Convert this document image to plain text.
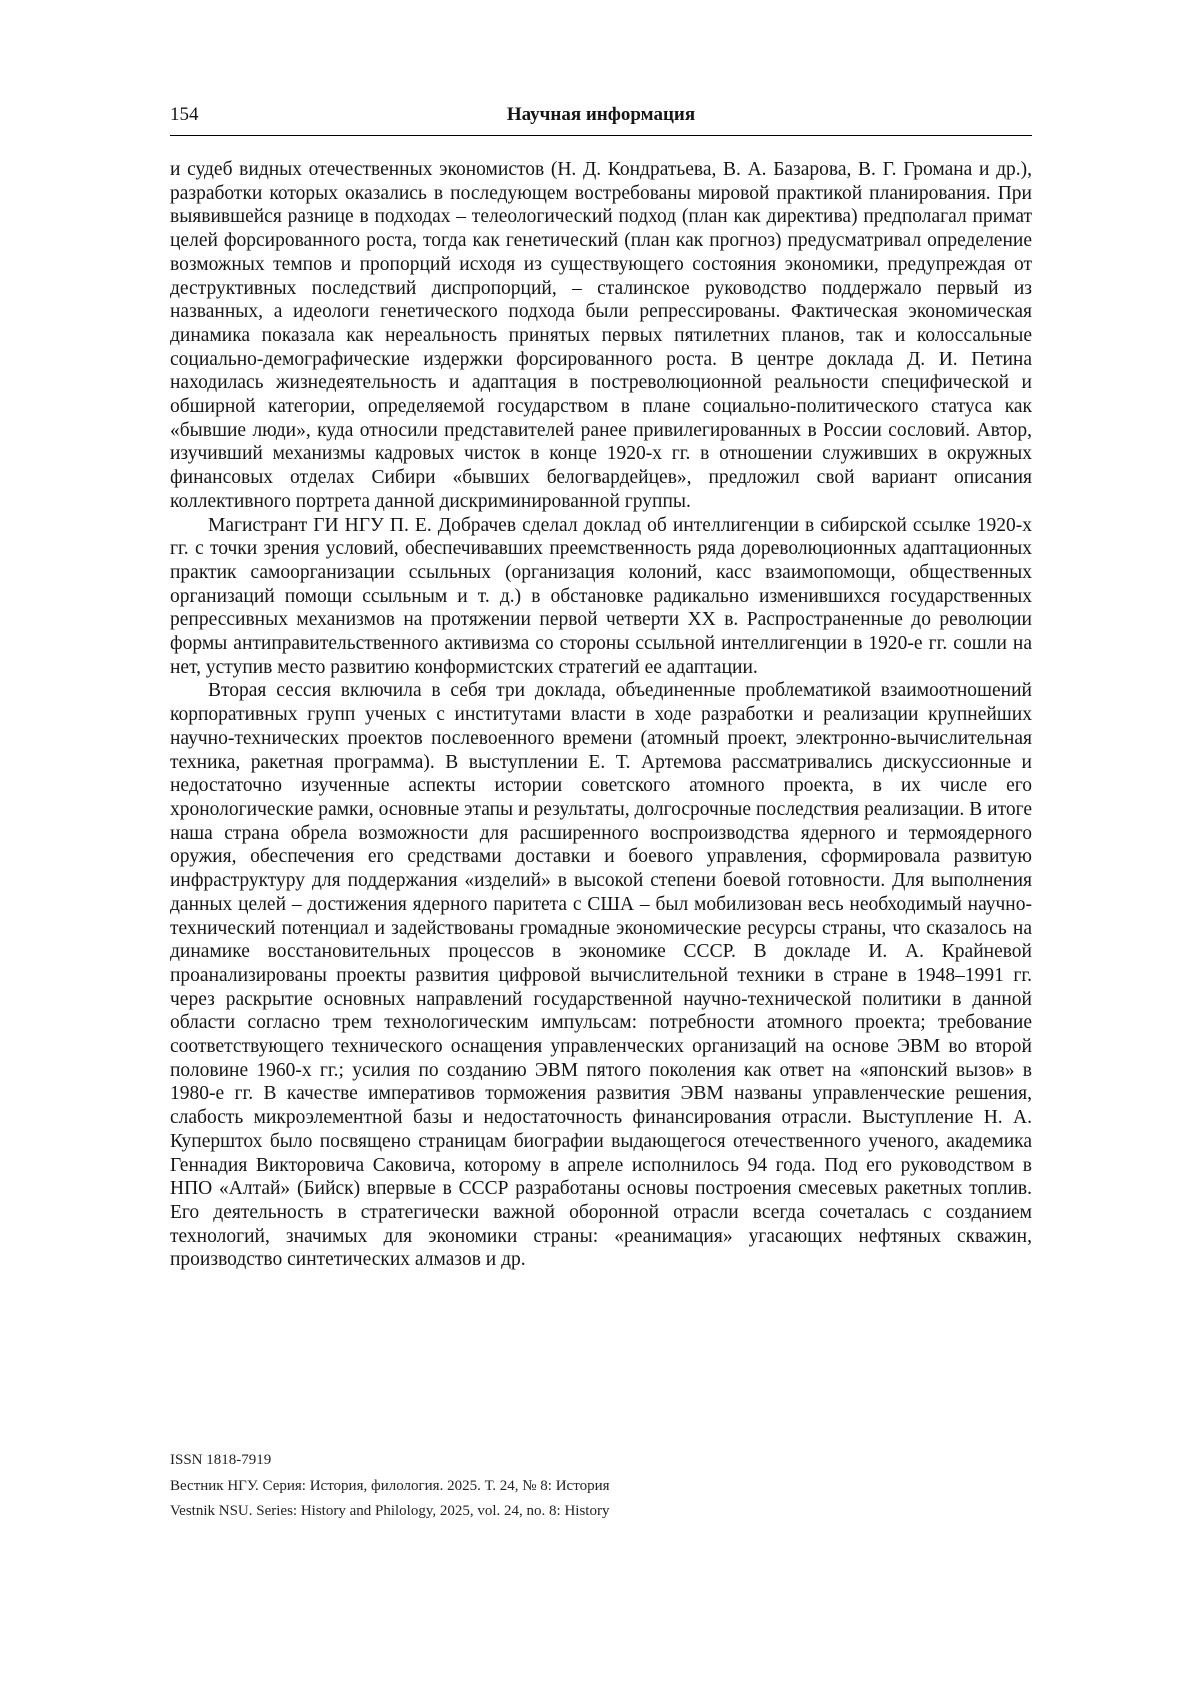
154	Научная информация

и судеб видных отечественных экономистов (Н. Д. Кондратьева, В. А. Базарова, В. Г. Громана и др.), разработки которых оказались в последующем востребованы мировой практикой планирования. При выявившейся разнице в подходах – телеологический подход (план как директива) предполагал примат целей форсированного роста, тогда как генетический (план как прогноз) предусматривал определение возможных темпов и пропорций исходя из существующего состояния экономики, предупреждая от деструктивных последствий диспропорций, – сталинское руководство поддержало первый из названных, а идеологи генетического подхода были репрессированы. Фактическая экономическая динамика показала как нереальность принятых первых пятилетних планов, так и колоссальные социально-демографические издержки форсированного роста. В центре доклада Д. И. Петина находилась жизнедеятельность и адаптация в постреволюционной реальности специфической и обширной категории, определяемой государством в плане социально-политического статуса как «бывшие люди», куда относили представителей ранее привилегированных в России сословий. Автор, изучивший механизмы кадровых чисток в конце 1920-х гг. в отношении служивших в окружных финансовых отделах Сибири «бывших белогвардейцев», предложил свой вариант описания коллективного портрета данной дискриминированной группы.

Магистрант ГИ НГУ П. Е. Добрачев сделал доклад об интеллигенции в сибирской ссылке 1920-х гг. с точки зрения условий, обеспечивавших преемственность ряда дореволюционных адаптационных практик самоорганизации ссыльных (организация колоний, касс взаимопомощи, общественных организаций помощи ссыльным и т. д.) в обстановке радикально изменившихся государственных репрессивных механизмов на протяжении первой четверти XX в. Распространенные до революции формы антиправительственного активизма со стороны ссыльной интеллигенции в 1920-е гг. сошли на нет, уступив место развитию конформистских стратегий ее адаптации.

Вторая сессия включила в себя три доклада, объединенные проблематикой взаимоотношений корпоративных групп ученых с институтами власти в ходе разработки и реализации крупнейших научно-технических проектов послевоенного времени (атомный проект, электронно-вычислительная техника, ракетная программа). В выступлении Е. Т. Артемова рассматривались дискуссионные и недостаточно изученные аспекты истории советского атомного проекта, в их числе его хронологические рамки, основные этапы и результаты, долгосрочные последствия реализации. В итоге наша страна обрела возможности для расширенного воспроизводства ядерного и термоядерного оружия, обеспечения его средствами доставки и боевого управления, сформировала развитую инфраструктуру для поддержания «изделий» в высокой степени боевой готовности. Для выполнения данных целей – достижения ядерного паритета с США – был мобилизован весь необходимый научно-технический потенциал и задействованы громадные экономические ресурсы страны, что сказалось на динамике восстановительных процессов в экономике СССР. В докладе И. А. Крайневой проанализированы проекты развития цифровой вычислительной техники в стране в 1948–1991 гг. через раскрытие основных направлений государственной научно-технической политики в данной области согласно трем технологическим импульсам: потребности атомного проекта; требование соответствующего технического оснащения управленческих организаций на основе ЭВМ во второй половине 1960-х гг.; усилия по созданию ЭВМ пятого поколения как ответ на «японский вызов» в 1980-е гг. В качестве императивов торможения развития ЭВМ названы управленческие решения, слабость микроэлементной базы и недостаточность финансирования отрасли. Выступление Н. А. Куперштох было посвящено страницам биографии выдающегося отечественного ученого, академика Геннадия Викторовича Саковича, которому в апреле исполнилось 94 года. Под его руководством в НПО «Алтай» (Бийск) впервые в СССР разработаны основы построения смесевых ракетных топлив. Его деятельность в стратегически важной оборонной отрасли всегда сочеталась с созданием технологий, значимых для экономики страны: «реанимация» угасающих нефтяных скважин, производство синтетических алмазов и др.

ISSN 1818-7919
Вестник НГУ. Серия: История, филология. 2025. Т. 24, № 8: История
Vestnik NSU. Series: History and Philology, 2025, vol. 24, no. 8: History
